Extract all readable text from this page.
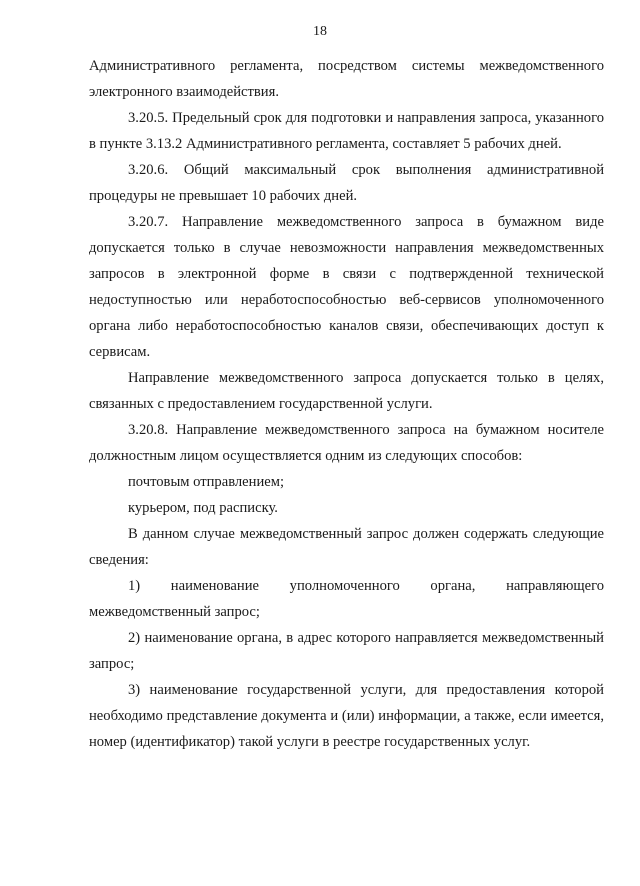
18

Административного регламента, посредством системы межведомственного электронного взаимодействия.

3.20.5. Предельный срок для подготовки и направления запроса, указанного в пункте 3.13.2 Административного регламента, составляет 5 рабочих дней.

3.20.6. Общий максимальный срок выполнения административной процедуры не превышает 10 рабочих дней.

3.20.7. Направление межведомственного запроса в бумажном виде допускается только в случае невозможности направления межведомственных запросов в электронной форме в связи с подтвержденной технической недоступностью или неработоспособностью веб-сервисов уполномоченного органа либо неработоспособностью каналов связи, обеспечивающих доступ к сервисам.

Направление межведомственного запроса допускается только в целях, связанных с предоставлением государственной услуги.

3.20.8. Направление межведомственного запроса на бумажном носителе должностным лицом осуществляется одним из следующих способов:

почтовым отправлением;

курьером, под расписку.

В данном случае межведомственный запрос должен содержать следующие сведения:

1) наименование уполномоченного органа, направляющего межведомственный запрос;

2) наименование органа, в адрес которого направляется межведомственный запрос;

3) наименование государственной услуги, для предоставления которой необходимо представление документа и (или) информации, а также, если имеется, номер (идентификатор) такой услуги в реестре государственных услуг.
